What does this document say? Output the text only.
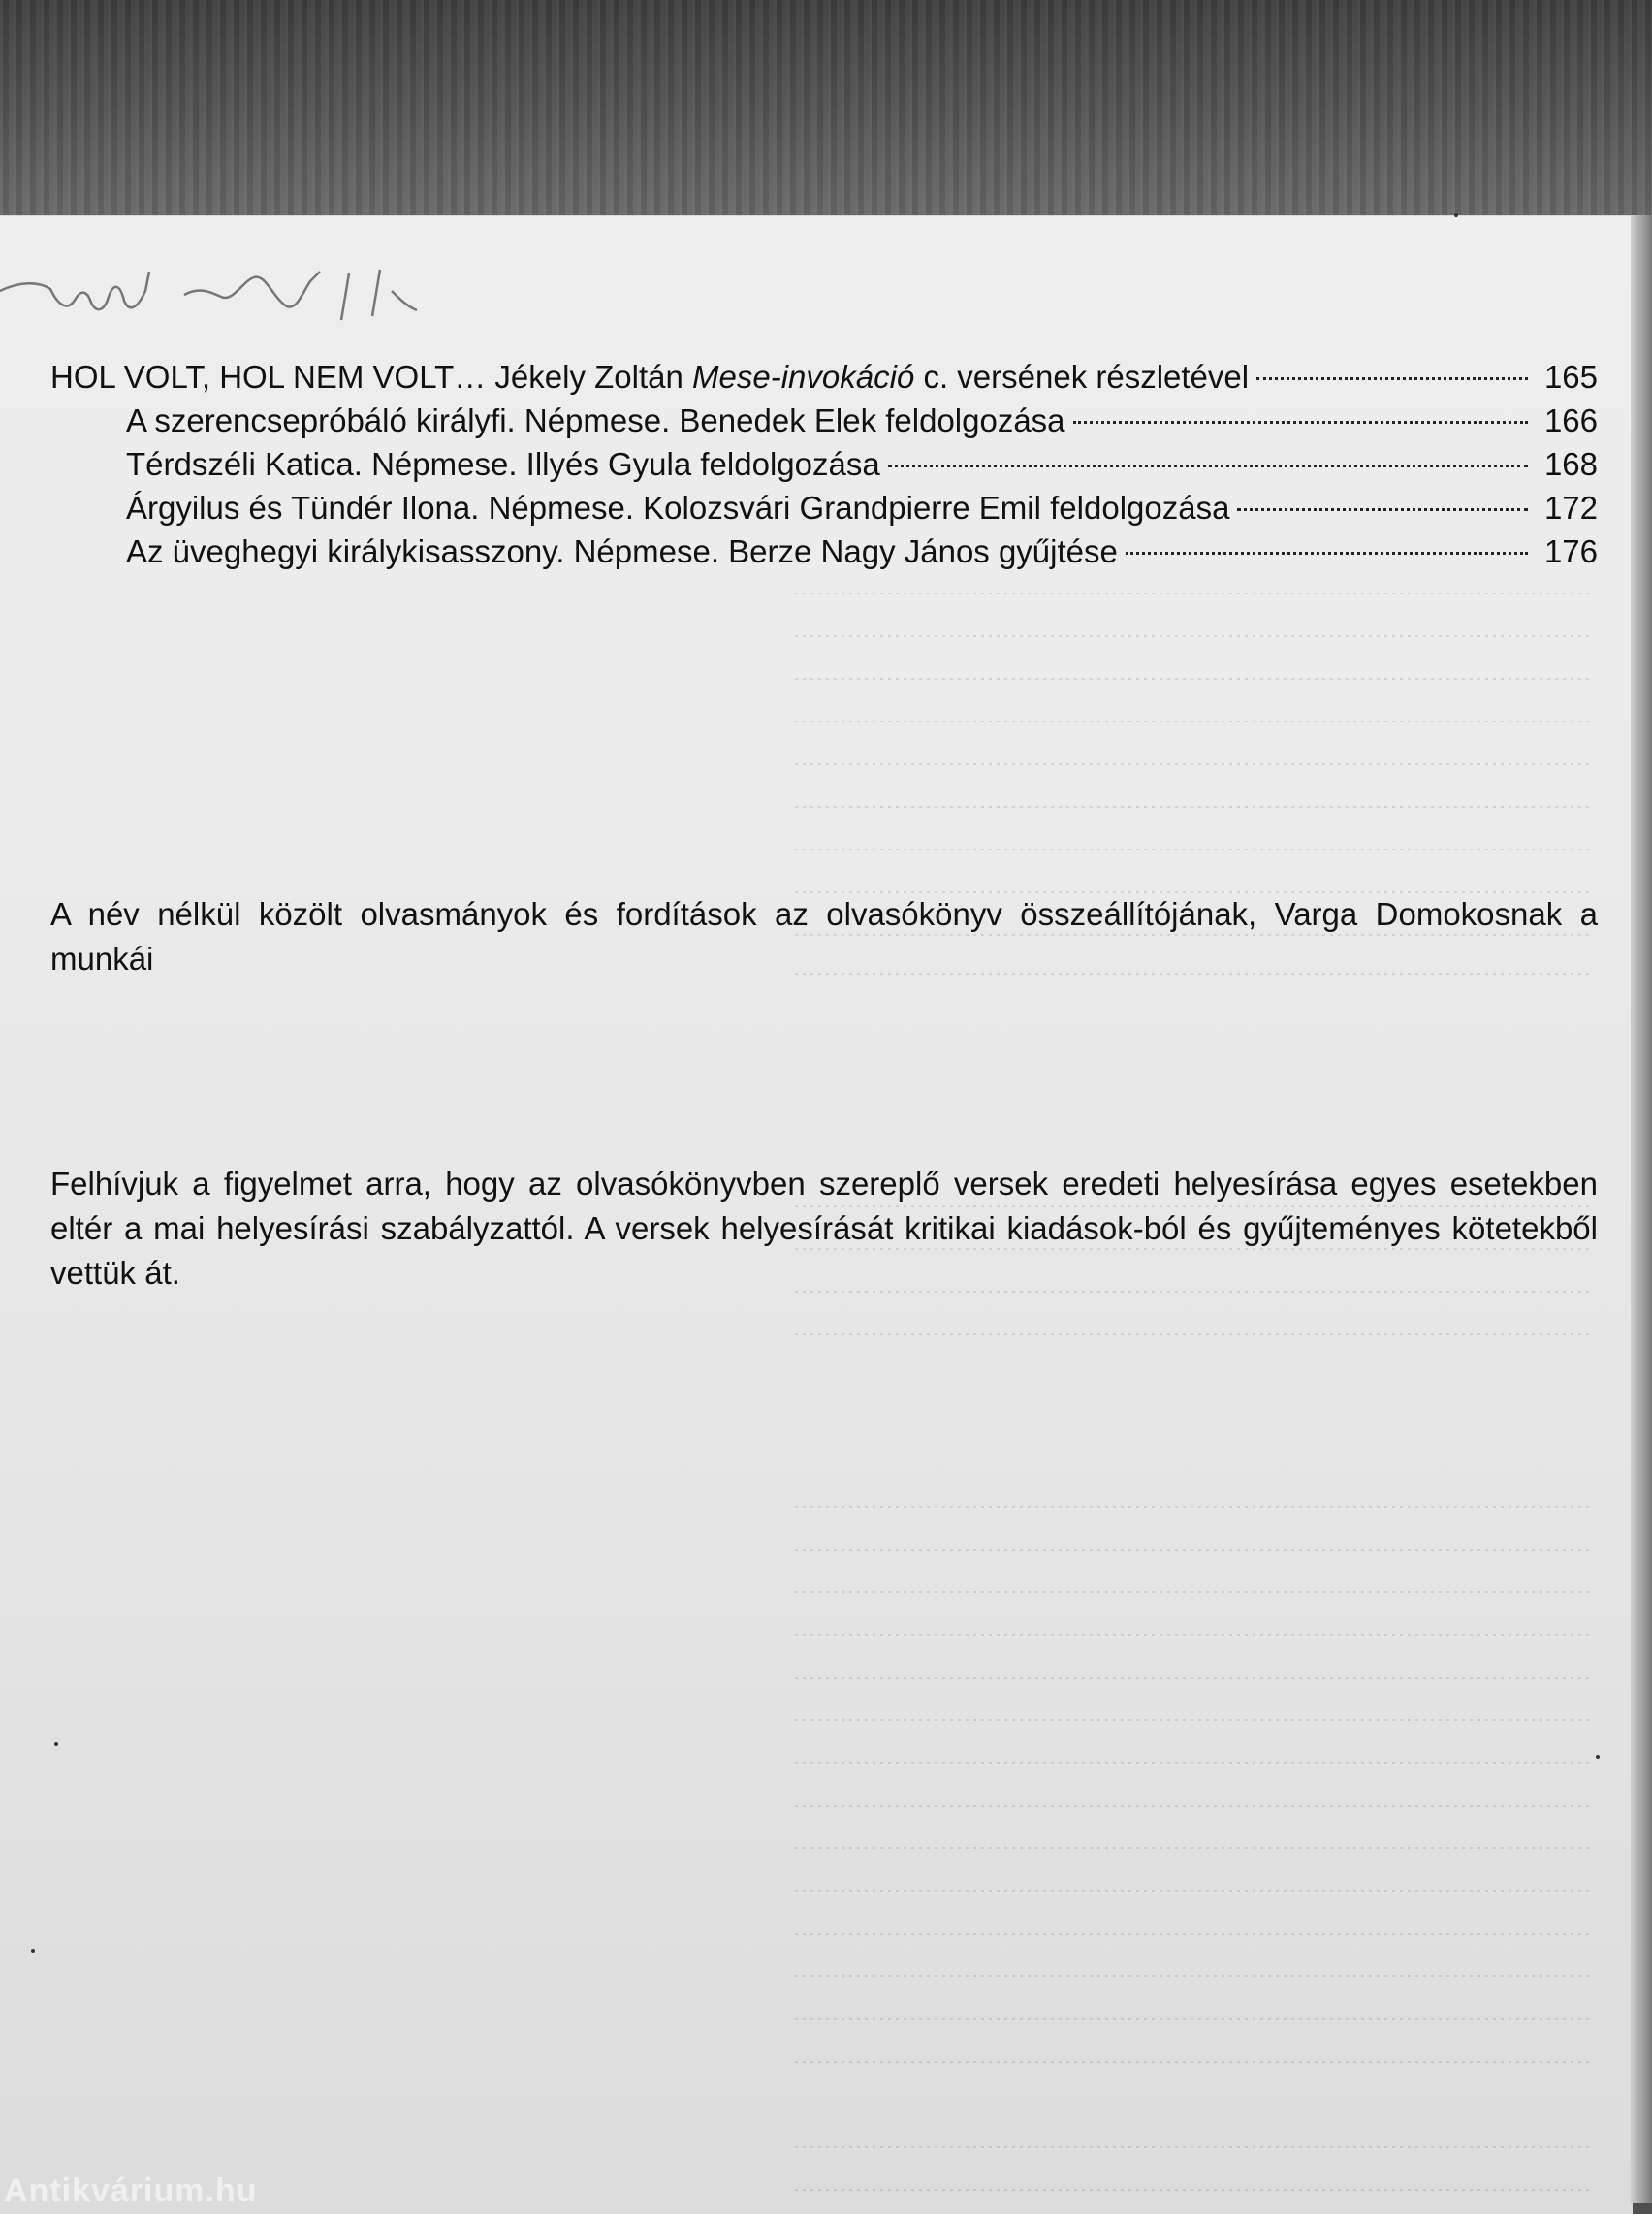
HOL VOLT, HOL NEM VOLT… Jékely Zoltán Mese-invokáció c. versének részletével	165
A szerencsepróbáló királyfi. Népmese. Benedek Elek feldolgozása	166
Térdszéli Katica. Népmese. Illyés Gyula feldolgozása	168
Árgyilus és Tündér Ilona. Népmese. Kolozsvári Grandpierre Emil feldolgozása	172
Az üveghegyi királykisasszony. Népmese. Berze Nagy János gyűjtése	176
A név nélkül közölt olvasmányok és fordítások az olvasókönyv összeállítójának, Varga Domokosnak a munkái
Felhívjuk a figyelmet arra, hogy az olvasókönyvben szereplő versek eredeti helyesírása egyes esetekben eltér a mai helyesírási szabályzattól. A versek helyesírását kritikai kiadások-ból és gyűjteményes kötetekből vettük át.
Antikvárium.hu
